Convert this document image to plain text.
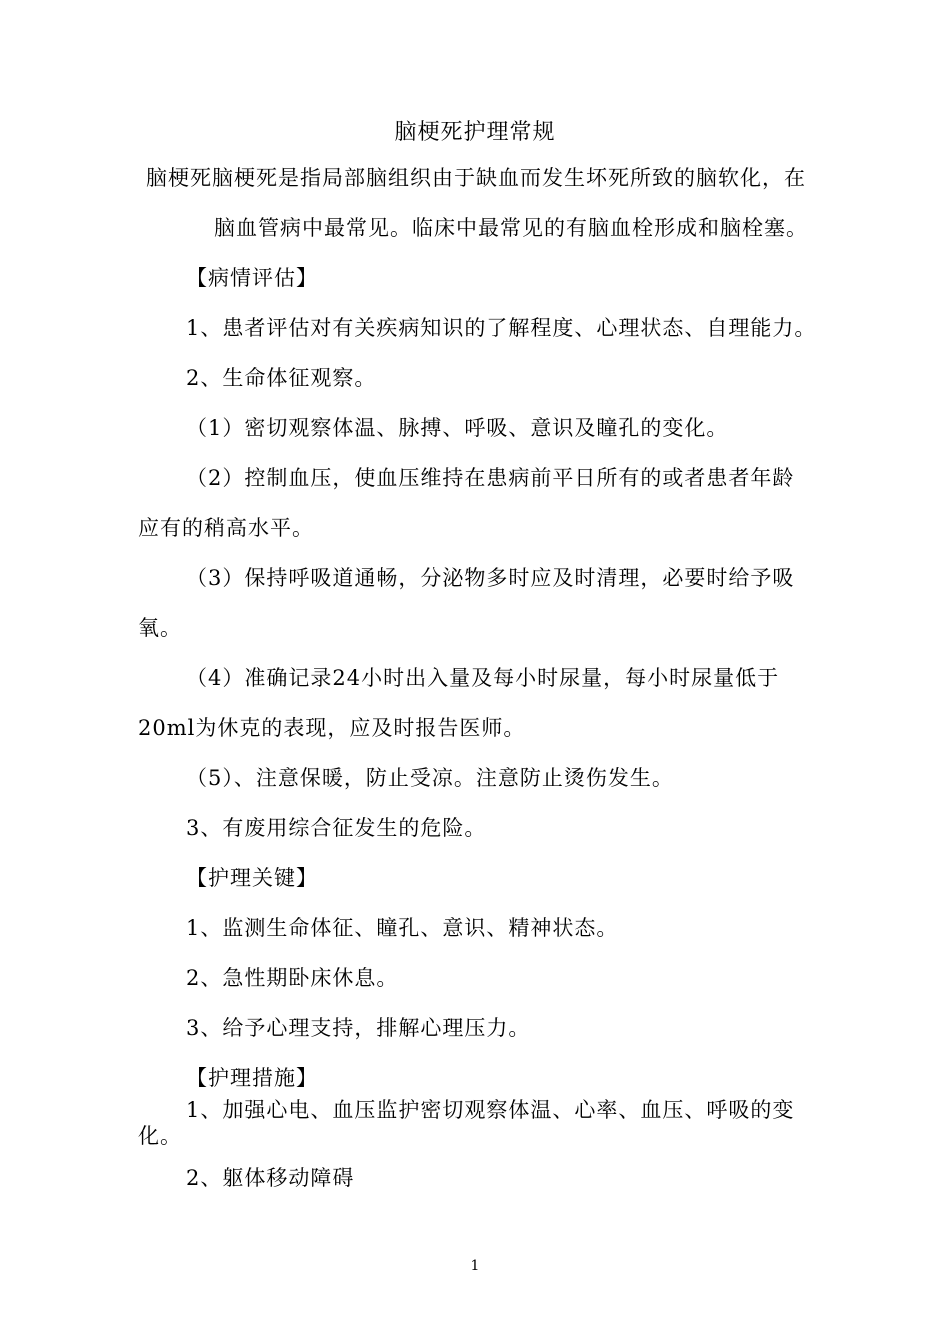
脑梗死护理常规
脑梗死脑梗死是指局部脑组织由于缺血而发生坏死所致的脑软化，在
脑血管病中最常见。临床中最常见的有脑血栓形成和脑栓塞。
【病情评估】
1、患者评估对有关疾病知识的了解程度、心理状态、自理能力。
2、生命体征观察。
（1）密切观察体温、脉搏、呼吸、意识及瞳孔的变化。
（2）控制血压，使血压维持在患病前平日所有的或者患者年龄
应有的稍高水平。
（3）保持呼吸道通畅，分泌物多时应及时清理，必要时给予吸
氧。
（4）准确记录24小时出入量及每小时尿量，每小时尿量低于
20ml为休克的表现，应及时报告医师。
（5）、注意保暖，防止受凉。注意防止烫伤发生。
3、有废用综合征发生的危险。
【护理关键】
1、监测生命体征、瞳孔、意识、精神状态。
2、急性期卧床休息。
3、给予心理支持，排解心理压力。
【护理措施】
1、加强心电、血压监护密切观察体温、心率、血压、呼吸的变
化。
2、躯体移动障碍
1
